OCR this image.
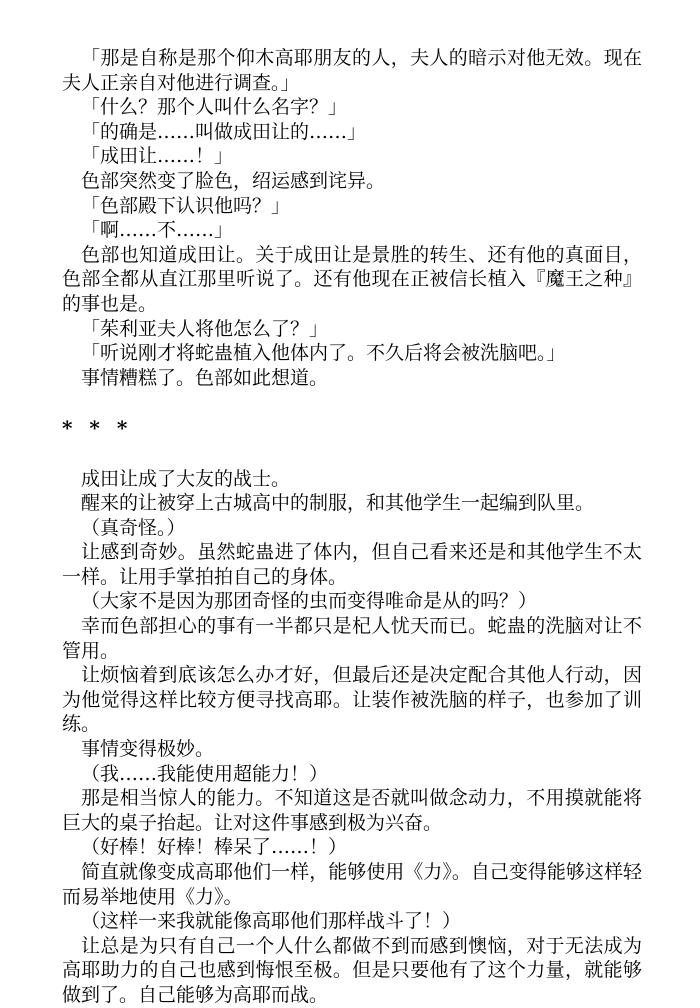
「那是自称是那个仰木高耶朋友的人，夫人的暗示对他无效。现在夫人正亲自对他进行调查。」

「什么？那个人叫什么名字？」

「的确是……叫做成田让的……」

「成田让……！」

色部突然变了脸色，绍运感到诧异。

「色部殿下认识他吗？」

「啊……不……」

色部也知道成田让。关于成田让是景胜的转生、还有他的真面目，色部全都从直江那里听说了。还有他现在正被信长植入『魔王之种』的事也是。

「茱利亚夫人将他怎么了？」

「听说刚才将蛇蛊植入他体内了。不久后将会被洗脑吧。」

事情糟糕了。色部如此想道。

* * *

成田让成了大友的战士。

醒来的让被穿上古城高中的制服，和其他学生一起编到队里。

（真奇怪。）

让感到奇妙。虽然蛇蛊进了体内，但自己看来还是和其他学生不太一样。让用手掌拍拍自己的身体。

（大家不是因为那团奇怪的虫而变得唯命是从的吗？）

幸而色部担心的事有一半都只是杞人忧天而已。蛇蛊的洗脑对让不管用。

让烦恼着到底该怎么办才好，但最后还是决定配合其他人行动，因为他觉得这样比较方便寻找高耶。让装作被洗脑的样子，也参加了训练。

事情变得极妙。

（我……我能使用超能力！）

那是相当惊人的能力。不知道这是否就叫做念动力，不用摸就能将巨大的桌子抬起。让对这件事感到极为兴奋。

（好棒！好棒！棒呆了……！）

简直就像变成高耶他们一样，能够使用《力》。自己变得能够这样轻而易举地使用《力》。

（这样一来我就能像高耶他们那样战斗了！）

让总是为只有自己一个人什么都做不到而感到懊恼，对于无法成为高耶助力的自己也感到悔恨至极。但是只要他有了这个力量，就能够做到了。自己能够为高耶而战。
